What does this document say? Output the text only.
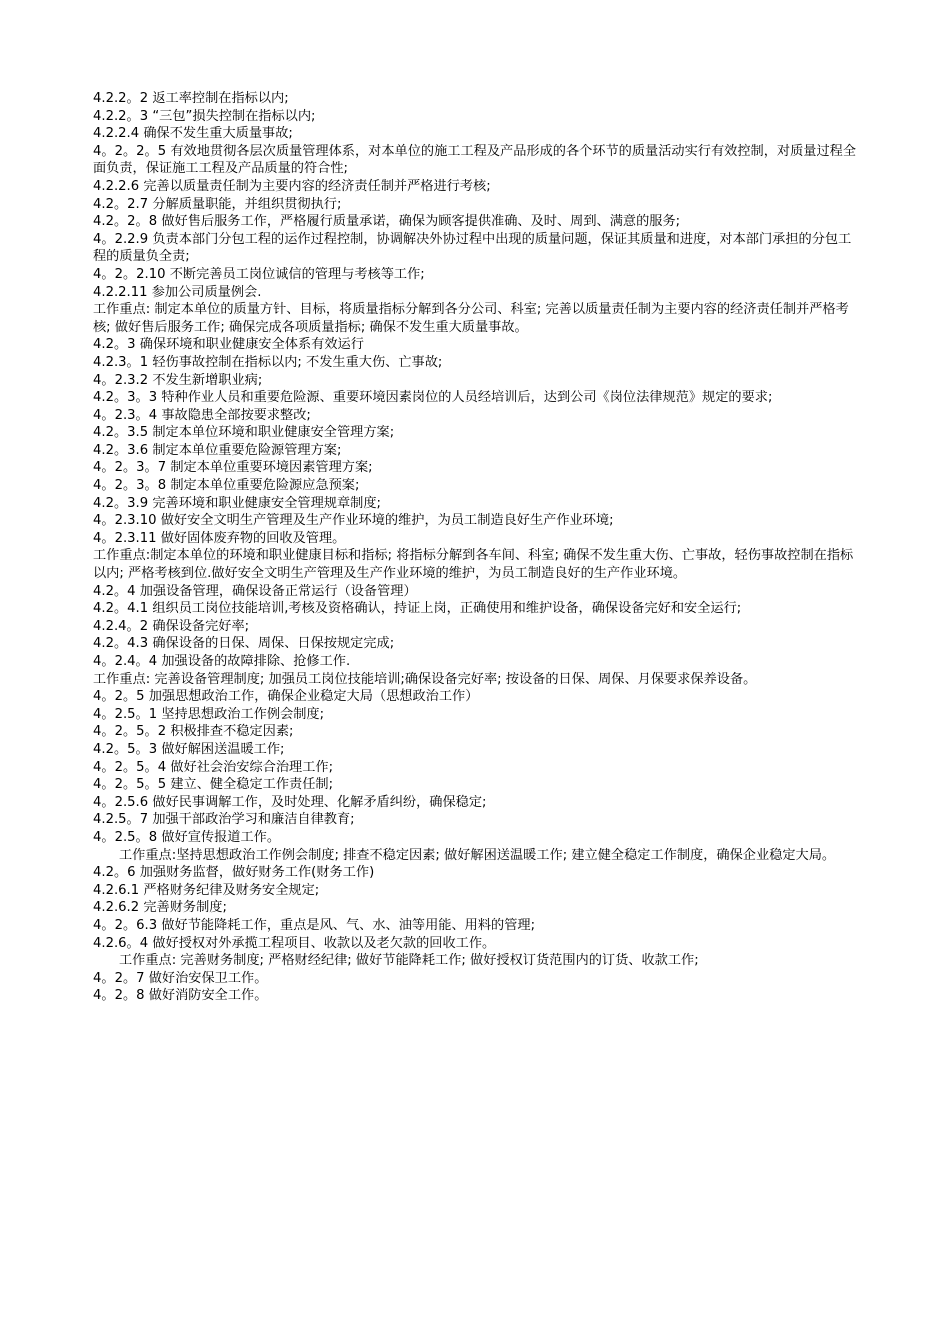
4.2.2。2 返工率控制在指标以内;

4.2.2。3 “三包”损失控制在指标以内;

4.2.2.4 确保不发生重大质量事故;

4。2。2。5 有效地贯彻各层次质量管理体系，对本单位的施工工程及产品形成的各个环节的质量活动实行有效控制，对质量过程全面负责，保证施工工程及产品质量的符合性;

4.2.2.6 完善以质量责任制为主要内容的经济责任制并严格进行考核;

4.2。2.7 分解质量职能，并组织贯彻执行;

4.2。2。8 做好售后服务工作，严格履行质量承诺，确保为顾客提供准确、及时、周到、满意的服务;

4。2.2.9 负责本部门分包工程的运作过程控制，协调解决外协过程中出现的质量问题，保证其质量和进度，对本部门承担的分包工程的质量负全责;

4。2。2.10 不断完善员工岗位诚信的管理与考核等工作;

4.2.2.11 参加公司质量例会.

工作重点: 制定本单位的质量方针、目标，将质量指标分解到各分公司、科室; 完善以质量责任制为主要内容的经济责任制并严格考核; 做好售后服务工作; 确保完成各项质量指标; 确保不发生重大质量事故。

4.2。3 确保环境和职业健康安全体系有效运行

4.2.3。1 轻伤事故控制在指标以内; 不发生重大伤、亡事故;

4。2.3.2 不发生新增职业病;

4.2。3。3 特种作业人员和重要危险源、重要环境因素岗位的人员经培训后，达到公司《岗位法律规范》规定的要求;

4。2.3。4 事故隐患全部按要求整改;

4.2。3.5 制定本单位环境和职业健康安全管理方案;

4.2。3.6 制定本单位重要危险源管理方案;

4。2。3。7 制定本单位重要环境因素管理方案;

4。2。3。8 制定本单位重要危险源应急预案;

4.2。3.9 完善环境和职业健康安全管理规章制度;

4。2.3.10 做好安全文明生产管理及生产作业环境的维护，为员工制造良好生产作业环境;

4。2.3.11 做好固体废弃物的回收及管理。

工作重点:制定本单位的环境和职业健康目标和指标; 将指标分解到各车间、科室; 确保不发生重大伤、亡事故，轻伤事故控制在指标以内; 严格考核到位.做好安全文明生产管理及生产作业环境的维护，为员工制造良好的生产作业环境。

4.2。4 加强设备管理，确保设备正常运行（设备管理）

4.2。4.1 组织员工岗位技能培训,考核及资格确认，持证上岗，正确使用和维护设备，确保设备完好和安全运行;

4.2.4。2 确保设备完好率;

4.2。4.3 确保设备的日保、周保、日保按规定完成;

4。2.4。4 加强设备的故障排除、抢修工作.

工作重点: 完善设备管理制度; 加强员工岗位技能培训;确保设备完好率; 按设备的日保、周保、月保要求保养设备。

4。2。5 加强思想政治工作，确保企业稳定大局（思想政治工作）

4。2.5。1 坚持思想政治工作例会制度;

4。2。5。2 积极排查不稳定因素;

4.2。5。3 做好解困送温暖工作;

4。2。5。4 做好社会治安综合治理工作;

4。2。5。5 建立、健全稳定工作责任制;

4。2.5.6 做好民事调解工作，及时处理、化解矛盾纠纷，确保稳定;

4.2.5。7 加强干部政治学习和廉洁自律教育;

4。2.5。8 做好宣传报道工作。

工作重点:坚持思想政治工作例会制度; 排查不稳定因素; 做好解困送温暖工作; 建立健全稳定工作制度，确保企业稳定大局。

4.2。6 加强财务监督，做好财务工作(财务工作)

4.2.6.1 严格财务纪律及财务安全规定;

4.2.6.2 完善财务制度;

4。2。6.3 做好节能降耗工作，重点是风、气、水、油等用能、用料的管理;

4.2.6。4 做好授权对外承揽工程项目、收款以及老欠款的回收工作。

工作重点: 完善财务制度; 严格财经纪律; 做好节能降耗工作; 做好授权订货范围内的订货、收款工作;

4。2。7 做好治安保卫工作。

4。2。8 做好消防安全工作。
